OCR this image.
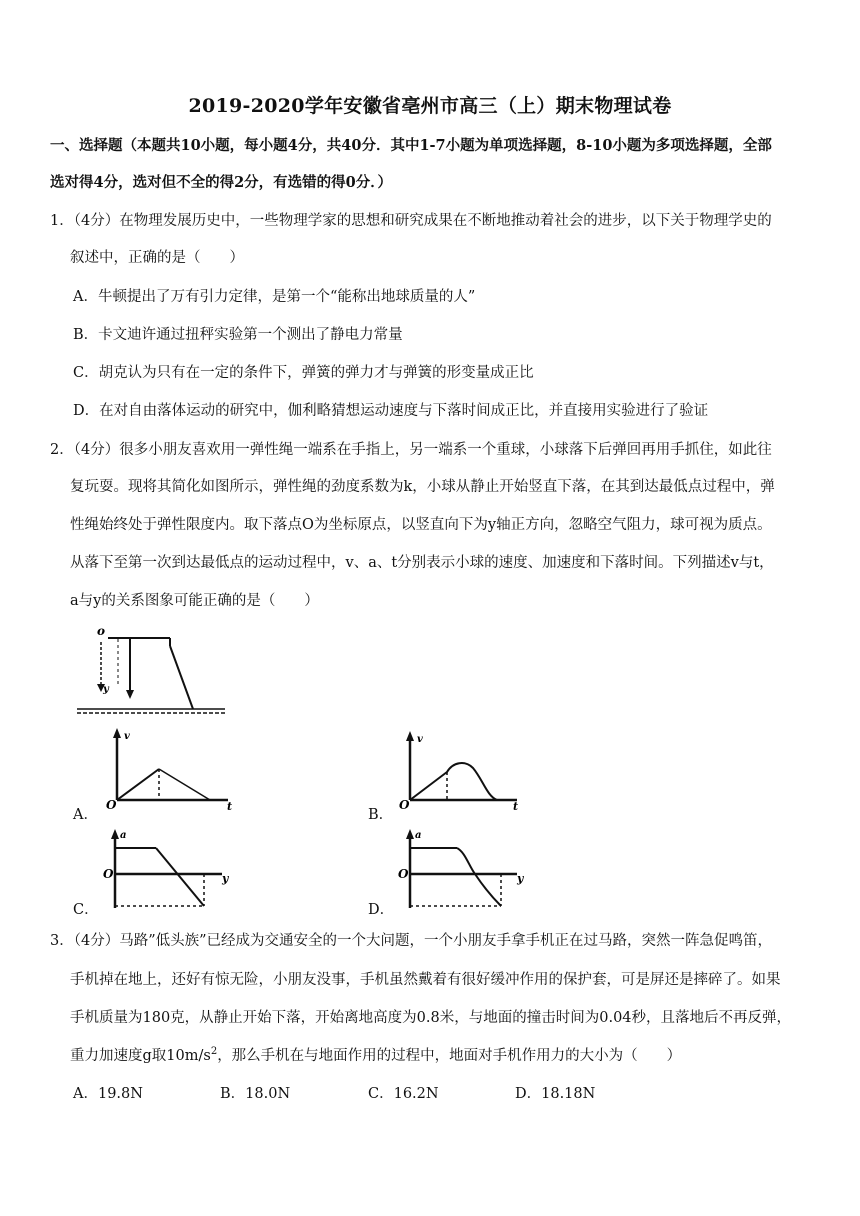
2019-2020学年安徽省亳州市高三（上）期末物理试卷
一、选择题（本题共10小题，每小题4分，共40分．其中1-7小题为单项选择题，8-10小题为多项选择题，全部
选对得4分，选对但不全的得2分，有选错的得0分．）
1．（4分）在物理发展历史中，一些物理学家的思想和研究成果在不断地推动着社会的进步，以下关于物理学史的
叙述中，正确的是（　　）
A．牛顿提出了万有引力定律，是第一个“能称出地球质量的人”
B．卡文迪许通过扭秤实验第一个测出了静电力常量
C．胡克认为只有在一定的条件下，弹簧的弹力才与弹簧的形变量成正比
D．在对自由落体运动的研究中，伽利略猜想运动速度与下落时间成正比，并直接用实验进行了验证
2．（4分）很多小朋友喜欢用一弹性绳一端系在手指上，另一端系一个重球，小球落下后弹回再用手抓住，如此往
复玩耍。现将其简化如图所示，弹性绳的劲度系数为k，小球从静止开始竖直下落，在其到达最低点过程中，弹
性绳始终处于弹性限度内。取下落点O为坐标原点，以竖直向下为y轴正方向，忽略空气阻力，球可视为质点。
从落下至第一次到达最低点的运动过程中，v、a、t分别表示小球的速度、加速度和下落时间。下列描述v与t，
a与y的关系图象可能正确的是（　　）
o
y
v
t
O
A．
v
t
O
B．
a
y
O
C．
a
y
O
D．
3．（4分）马路”低头族”已经成为交通安全的一个大问题，一个小朋友手拿手机正在过马路，突然一阵急促鸣笛，
手机掉在地上，还好有惊无险，小朋友没事，手机虽然戴着有很好缓冲作用的保护套，可是屏还是摔碎了。如果
手机质量为180克，从静止开始下落，开始离地高度为0.8米，与地面的撞击时间为0.04秒，且落地后不再反弹，
重力加速度g取$10m/s^2$，那么手机在与地面作用的过程中，地面对手机作用力的大小为（　　）
A．19.8N	B．18.0N	C．16.2N	D．18.18N
